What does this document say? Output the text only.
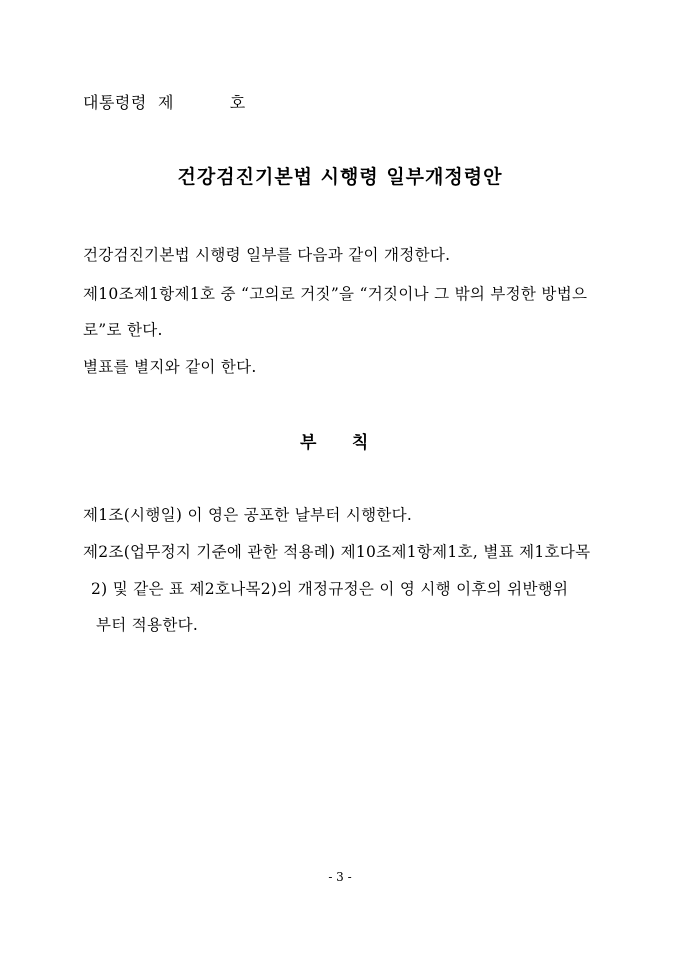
대통령령  제          호
건강검진기본법 시행령 일부개정령안
건강검진기본법 시행령 일부를 다음과 같이 개정한다.
제10조제1항제1호 중 “고의로 거짓”을 “거짓이나 그 밖의 부정한 방법으
로”로 한다.
별표를 별지와 같이 한다.
부      칙
제1조(시행일) 이 영은 공포한 날부터 시행한다.
제2조(업무정지 기준에 관한 적용례) 제10조제1항제1호, 별표 제1호다목
2) 및 같은 표 제2호나목2)의 개정규정은 이 영 시행 이후의 위반행위
부터 적용한다.
- 3 -
